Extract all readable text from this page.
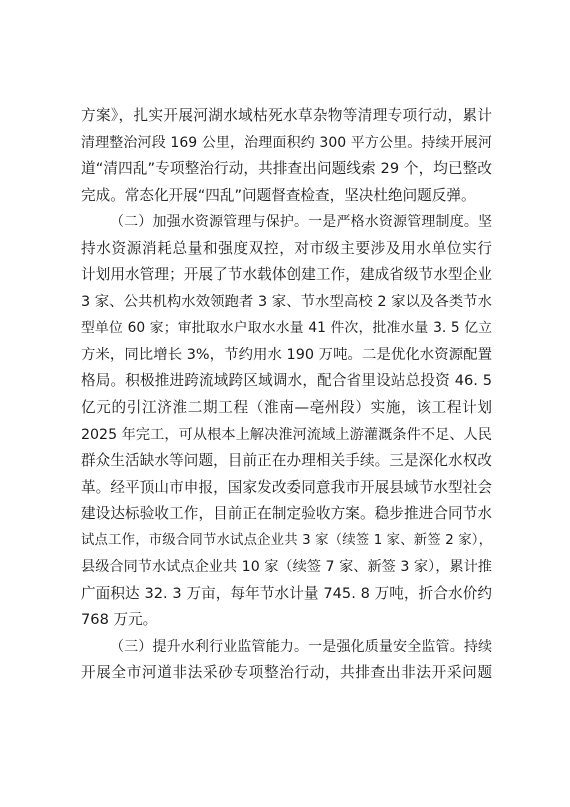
方案》，扎实开展河湖水域枯死水草杂物等清理专项行动，累计
清理整治河段 169 公里，治理面积约 300 平方公里。持续开展河
道“清四乱”专项整治行动，共排查出问题线索 29 个，均已整改
完成。常态化开展“四乱”问题督查检查，坚决杜绝问题反弹。
（二）加强水资源管理与保护。一是严格水资源管理制度。坚
持水资源消耗总量和强度双控，对市级主要涉及用水单位实行
计划用水管理；开展了节水载体创建工作，建成省级节水型企业
3 家、公共机构水效领跑者 3 家、节水型高校 2 家以及各类节水
型单位 60 家；审批取水户取水水量 41 件次，批准水量 3. 5 亿立
方米，同比增长 3%，节约用水 190 万吨。二是优化水资源配置
格局。积极推进跨流域跨区域调水，配合省里设站总投资 46. 5
亿元的引江济淮二期工程（淮南—亳州段）实施，该工程计划
2025 年完工，可从根本上解决淮河流域上游灌溉条件不足、人民
群众生活缺水等问题，目前正在办理相关手续。三是深化水权改
革。经平顶山市申报，国家发改委同意我市开展县域节水型社会
建设达标验收工作，目前正在制定验收方案。稳步推进合同节水
试点工作，市级合同节水试点企业共 3 家（续签 1 家、新签 2 家），
县级合同节水试点企业共 10 家（续签 7 家、新签 3 家），累计推
广面积达 32. 3 万亩，每年节水计量 745. 8 万吨，折合水价约
768 万元。
（三）提升水利行业监管能力。一是强化质量安全监管。持续
开展全市河道非法采砂专项整治行动，共排查出非法开采问题
